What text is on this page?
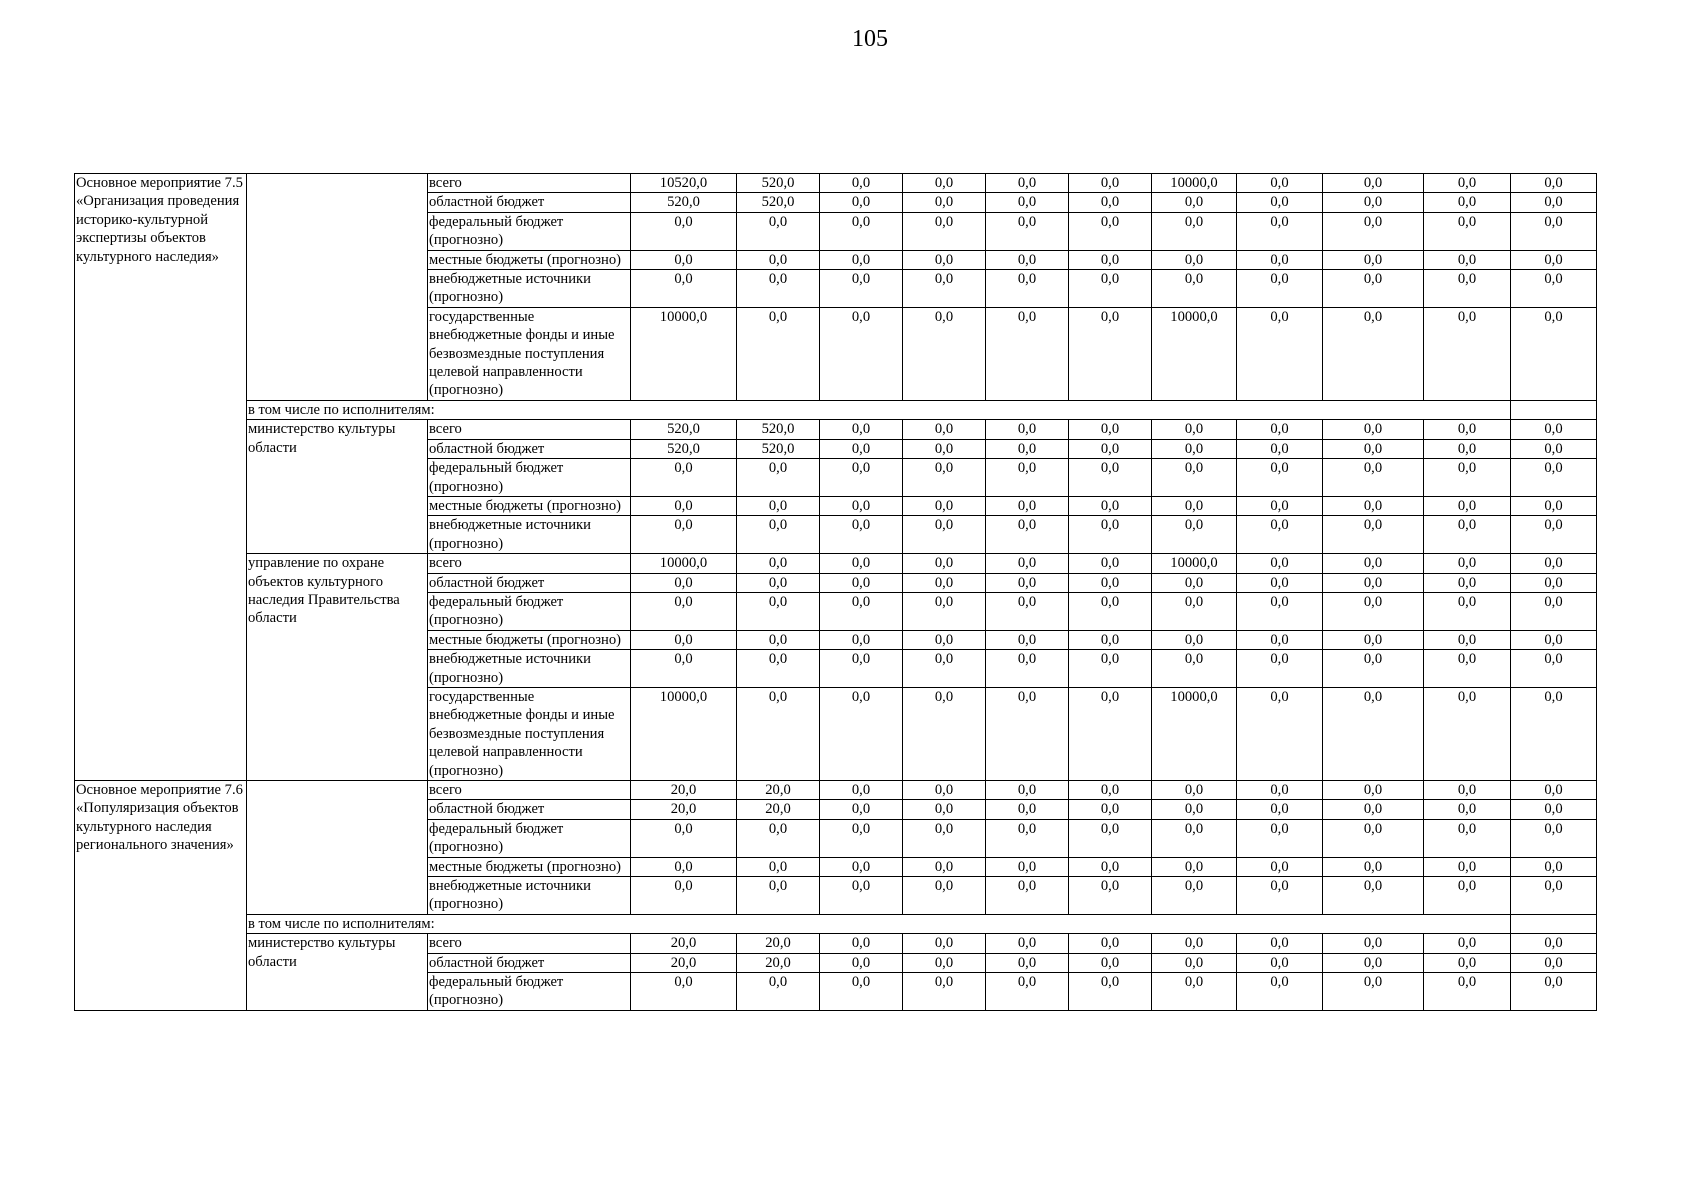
105
Основное мероприятие 7.5 «Организация проведения историко-культурной экспертизы объектов культурного наследия»		всего	10520,0	520,0	0,0	0,0	0,0	0,0	10000,0	0,0	0,0	0,0	0,0
		областной бюджет	520,0	520,0	0,0	0,0	0,0	0,0	0,0	0,0	0,0	0,0	0,0
		федеральный бюджет (прогнозно)	0,0	0,0	0,0	0,0	0,0	0,0	0,0	0,0	0,0	0,0	0,0
		местные бюджеты (прогнозно)	0,0	0,0	0,0	0,0	0,0	0,0	0,0	0,0	0,0	0,0	0,0
		внебюджетные источники (прогнозно)	0,0	0,0	0,0	0,0	0,0	0,0	0,0	0,0	0,0	0,0	0,0
		государственные внебюджетные фонды и иные безвозмездные поступления целевой направленности (прогнозно)	10000,0	0,0	0,0	0,0	0,0	0,0	10000,0	0,0	0,0	0,0	0,0
	в том числе по исполнителям:												
	министерство культуры области	всего	520,0	520,0	0,0	0,0	0,0	0,0	0,0	0,0	0,0	0,0	0,0
		областной бюджет	520,0	520,0	0,0	0,0	0,0	0,0	0,0	0,0	0,0	0,0	0,0
		федеральный бюджет (прогнозно)	0,0	0,0	0,0	0,0	0,0	0,0	0,0	0,0	0,0	0,0	0,0
		местные бюджеты (прогнозно)	0,0	0,0	0,0	0,0	0,0	0,0	0,0	0,0	0,0	0,0	0,0
		внебюджетные источники (прогнозно)	0,0	0,0	0,0	0,0	0,0	0,0	0,0	0,0	0,0	0,0	0,0
	управление по охране объектов культурного наследия Правительства области	всего	10000,0	0,0	0,0	0,0	0,0	0,0	10000,0	0,0	0,0	0,0	0,0
		областной бюджет	0,0	0,0	0,0	0,0	0,0	0,0	0,0	0,0	0,0	0,0	0,0
		федеральный бюджет (прогнозно)	0,0	0,0	0,0	0,0	0,0	0,0	0,0	0,0	0,0	0,0	0,0
		местные бюджеты (прогнозно)	0,0	0,0	0,0	0,0	0,0	0,0	0,0	0,0	0,0	0,0	0,0
		внебюджетные источники (прогнозно)	0,0	0,0	0,0	0,0	0,0	0,0	0,0	0,0	0,0	0,0	0,0
		государственные внебюджетные фонды и иные безвозмездные поступления целевой направленности (прогнозно)	10000,0	0,0	0,0	0,0	0,0	0,0	10000,0	0,0	0,0	0,0	0,0
Основное мероприятие 7.6 «Популяризация объектов культурного наследия регионального значения»		всего	20,0	20,0	0,0	0,0	0,0	0,0	0,0	0,0	0,0	0,0	0,0
		областной бюджет	20,0	20,0	0,0	0,0	0,0	0,0	0,0	0,0	0,0	0,0	0,0
		федеральный бюджет (прогнозно)	0,0	0,0	0,0	0,0	0,0	0,0	0,0	0,0	0,0	0,0	0,0
		местные бюджеты (прогнозно)	0,0	0,0	0,0	0,0	0,0	0,0	0,0	0,0	0,0	0,0	0,0
		внебюджетные источники (прогнозно)	0,0	0,0	0,0	0,0	0,0	0,0	0,0	0,0	0,0	0,0	0,0
	в том числе по исполнителям:												
	министерство культуры области	всего	20,0	20,0	0,0	0,0	0,0	0,0	0,0	0,0	0,0	0,0	0,0
		областной бюджет	20,0	20,0	0,0	0,0	0,0	0,0	0,0	0,0	0,0	0,0	0,0
		федеральный бюджет (прогнозно)	0,0	0,0	0,0	0,0	0,0	0,0	0,0	0,0	0,0	0,0	0,0
